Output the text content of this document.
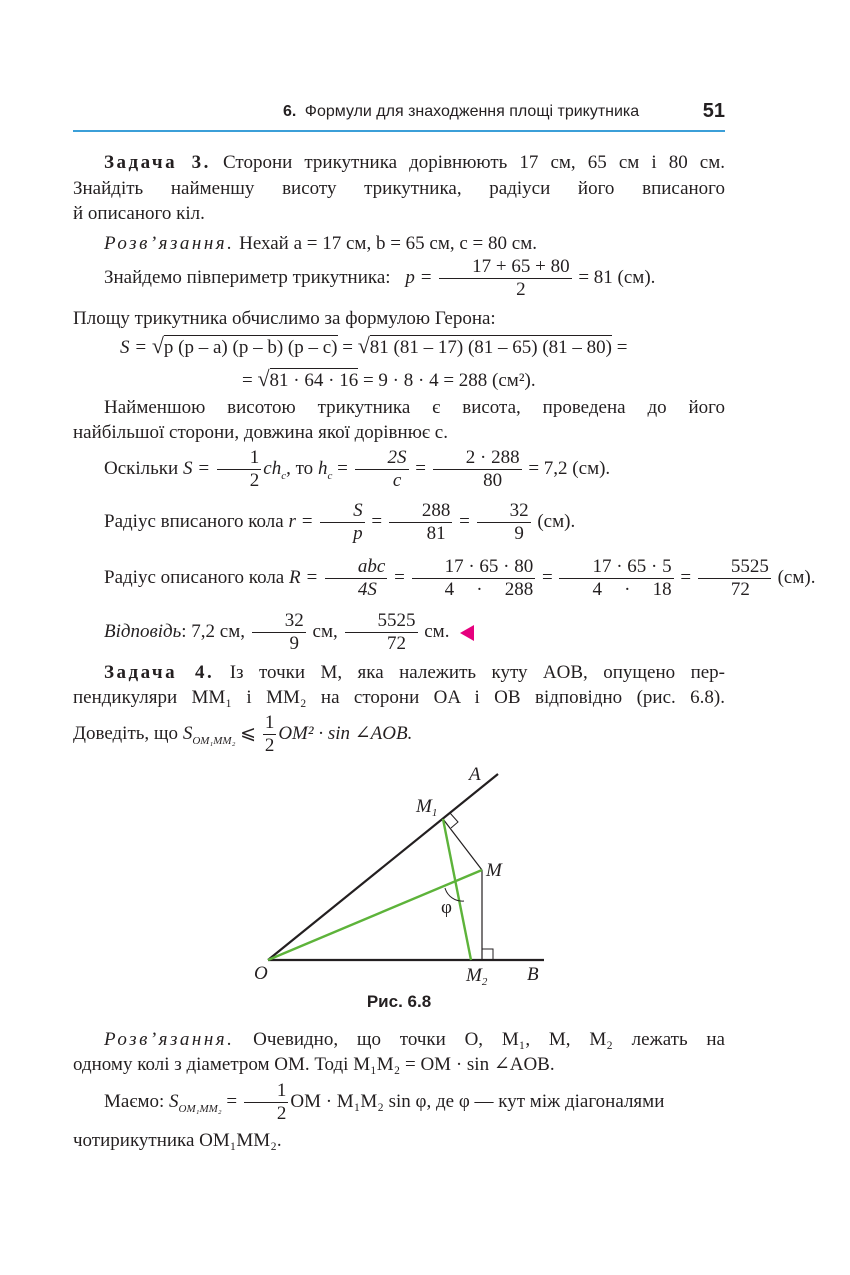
6. Формули для знаходження площі трикутника	51
Задача 3. Сторони трикутника дорівнюють 17 см, 65 см і 80 см.
Знайдіть найменшу висоту трикутника, радіуси його вписаного
й описаного кіл.
Розв’язання. Нехай a = 17 см, b = 65 см, c = 80 см.
Знайдемо півпериметр трикутника: $p = \frac{17 + 65 + 80}{2} = 81$ (см).
Площу трикутника обчислимо за формулою Герона:
S = √p (p – a) (p – b) (p – c) = √81 (81 – 17) (81 – 65) (81 – 80) =
= √81 · 64 · 16 = 9 · 8 · 4 = 288 (см²).
Найменшою висотою трикутника є висота, проведена до його
найбільшої сторони, довжина якої дорівнює c.
Оскільки $S = \frac{1}{2} ch_c$, то $h_c = \frac{2S}{c} = \frac{2 \cdot 288}{80} = 7,2$ (см).
Радіус вписаного кола $r = \frac{S}{p} = \frac{288}{81} = \frac{32}{9} (см)$.
Радіус описаного кола $R = \frac{\text{abc}}{4S} = \frac{17 \cdot 65 \cdot 80}{4 \cdot 288} = \frac{17 \cdot 65 \cdot 5}{4 \cdot 18} = \frac{5525}{72} (см)$.
Відповідь: 7,2 см, $\frac{32}{9}$ см, $\frac{5525}{72}$ см.
Задача 4. Із точки M, яка належить куту AOB, опущено пер-
пендикуляри MM₁ і MM₂ на сторони OA і OB відповідно (рис. 6.8).
Доведіть, що $S_{OM_1MM_2}$ ⩽ $\frac{1}{2} OM^2 \cdot \sin$ ∠AOB.
A
B
O
M
$M_1$
$M_2$
φ
Рис. 6.8
Розв’язання. Очевидно, що точки O, M₁, M, M₂ лежать на
одному колі з діаметром OM. Тоді M₁M₂ = OM · sin ∠AOB.
Маємо: $S_{OM_1MM_2} = \frac{1}{2}$ OM · M₁M₂ sin φ, де φ — кут між діагоналями
чотирикутника OM₁MM₂.
